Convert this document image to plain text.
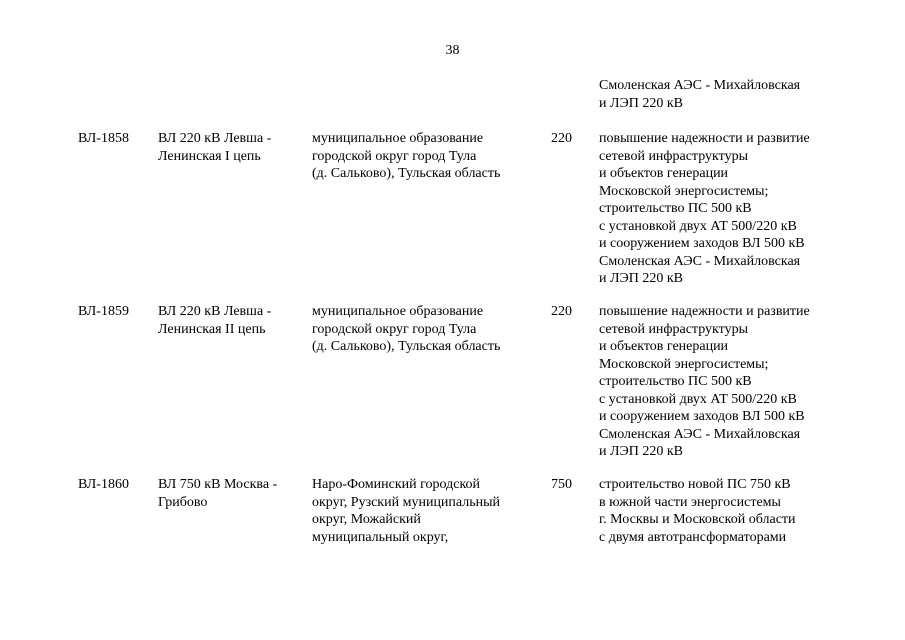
38
Смоленская АЭС - Михайловская
и ЛЭП 220 кВ
ВЛ-1858 ВЛ 220 кВ Левша -
Ленинская I цепь
муниципальное образование
городской округ город Тула
(д. Сальково), Тульская область
220 повышение надежности и развитие
сетевой инфраструктуры
и объектов генерации
Московской энергосистемы;
строительство ПС 500 кВ
с установкой двух АТ 500/220 кВ
и сооружением заходов ВЛ 500 кВ
Смоленская АЭС - Михайловская
и ЛЭП 220 кВ
ВЛ-1859 ВЛ 220 кВ Левша -
Ленинская II цепь
муниципальное образование
городской округ город Тула
(д. Сальково), Тульская область
220 повышение надежности и развитие
сетевой инфраструктуры
и объектов генерации
Московской энергосистемы;
строительство ПС 500 кВ
с установкой двух АТ 500/220 кВ
и сооружением заходов ВЛ 500 кВ
Смоленская АЭС - Михайловская
и ЛЭП 220 кВ
ВЛ-1860 ВЛ 750 кВ Москва -
Грибово
Наро-Фоминский городской
округ, Рузский муниципальный
округ, Можайский
муниципальный округ,
750 строительство новой ПС 750 кВ
в южной части энергосистемы
г. Москвы и Московской области
с двумя автотрансформаторами
